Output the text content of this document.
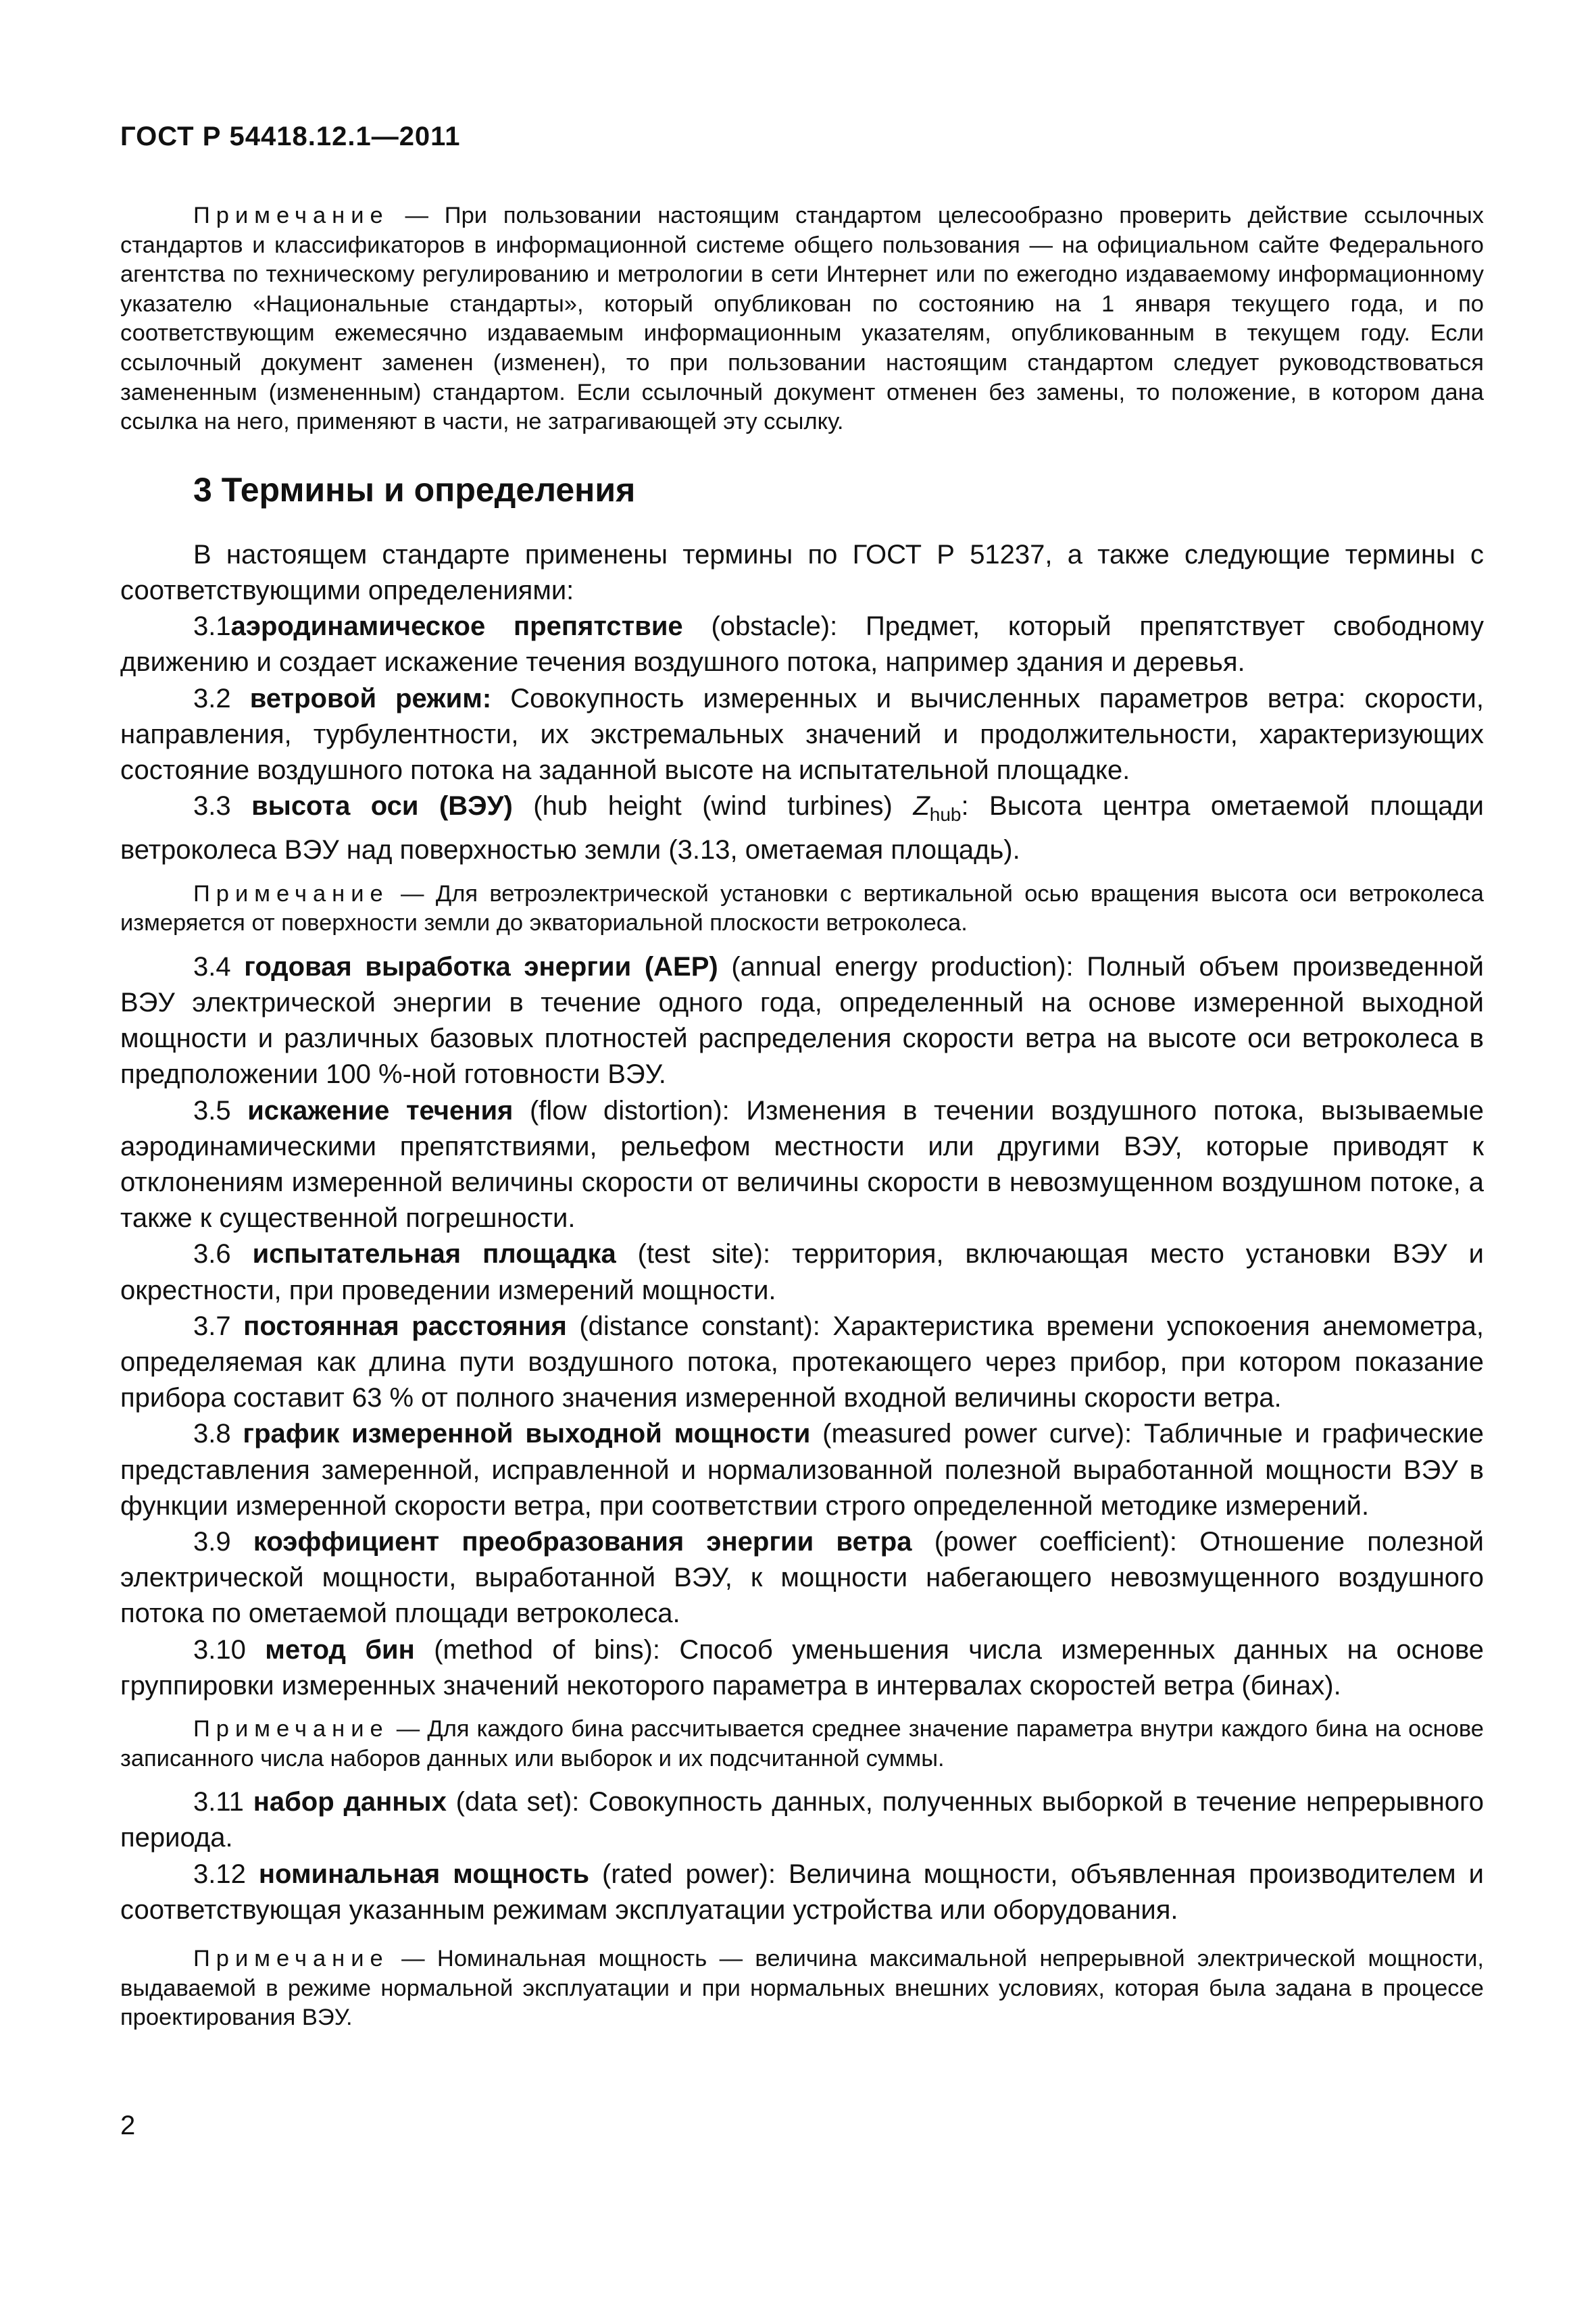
ГОСТ Р 54418.12.1—2011

Примечание — При пользовании настоящим стандартом целесообразно проверить действие ссылочных стандартов и классификаторов в информационной системе общего пользования — на официальном сайте Федерального агентства по техническому регулированию и метрологии в сети Интернет или по ежегодно издаваемому информационному указателю «Национальные стандарты», который опубликован по состоянию на 1 января текущего года, и по соответствующим ежемесячно издаваемым информационным указателям, опубликованным в текущем году. Если ссылочный документ заменен (изменен), то при пользовании настоящим стандартом следует руководствоваться замененным (измененным) стандартом. Если ссылочный документ отменен без замены, то положение, в котором дана ссылка на него, применяют в части, не затрагивающей эту ссылку.

3 Термины и определения

В настоящем стандарте применены термины по ГОСТ Р 51237, а также следующие термины с соответствующими определениями:

3.1аэродинамическое препятствие (obstacle): Предмет, который препятствует свободному движению и создает искажение течения воздушного потока, например здания и деревья.

3.2 ветровой режим: Совокупность измеренных и вычисленных параметров ветра: скорости, направления, турбулентности, их экстремальных значений и продолжительности, характеризующих состояние воздушного потока на заданной высоте на испытательной площадке.

3.3 высота оси (ВЭУ) (hub height (wind turbines) $Z_{hub}$: Высота центра ометаемой площади ветроколеса ВЭУ над поверхностью земли (3.13, ометаемая площадь).

Примечание — Для ветроэлектрической установки с вертикальной осью вращения высота оси ветроколеса измеряется от поверхности земли до экваториальной плоскости ветроколеса.

3.4 годовая выработка энергии (АЕР) (annual energy production): Полный объем произведенной ВЭУ электрической энергии в течение одного года, определенный на основе измеренной выходной мощности и различных базовых плотностей распределения скорости ветра на высоте оси ветроколеса в предположении 100 %-ной готовности ВЭУ.

3.5 искажение течения (flow distortion): Изменения в течении воздушного потока, вызываемые аэродинамическими препятствиями, рельефом местности или другими ВЭУ, которые приводят к отклонениям измеренной величины скорости от величины скорости в невозмущенном воздушном потоке, а также к существенной погрешности.

3.6 испытательная площадка (test site): территория, включающая место установки ВЭУ и окрестности, при проведении измерений мощности.

3.7 постоянная расстояния (distance constant): Характеристика времени успокоения анемометра, определяемая как длина пути воздушного потока, протекающего через прибор, при котором показание прибора составит 63 % от полного значения измеренной входной величины скорости ветра.

3.8 график измеренной выходной мощности (measured power curve): Табличные и графические представления замеренной, исправленной и нормализованной полезной выработанной мощности ВЭУ в функции измеренной скорости ветра, при соответствии строго определенной методике измерений.

3.9 коэффициент преобразования энергии ветра (power coefficient): Отношение полезной электрической мощности, выработанной ВЭУ, к мощности набегающего невозмущенного воздушного потока по ометаемой площади ветроколеса.

3.10 метод бин (method of bins): Способ уменьшения числа измеренных данных на основе группировки измеренных значений некоторого параметра в интервалах скоростей ветра (бинах).

Примечание — Для каждого бина рассчитывается среднее значение параметра внутри каждого бина на основе записанного числа наборов данных или выборок и их подсчитанной суммы.

3.11 набор данных (data set): Совокупность данных, полученных выборкой в течение непрерывного периода.

3.12 номинальная мощность (rated power): Величина мощности, объявленная производителем и соответствующая указанным режимам эксплуатации устройства или оборудования.

Примечание — Номинальная мощность — величина максимальной непрерывной электрической мощности, выдаваемой в режиме нормальной эксплуатации и при нормальных внешних условиях, которая была задана в процессе проектирования ВЭУ.

2
